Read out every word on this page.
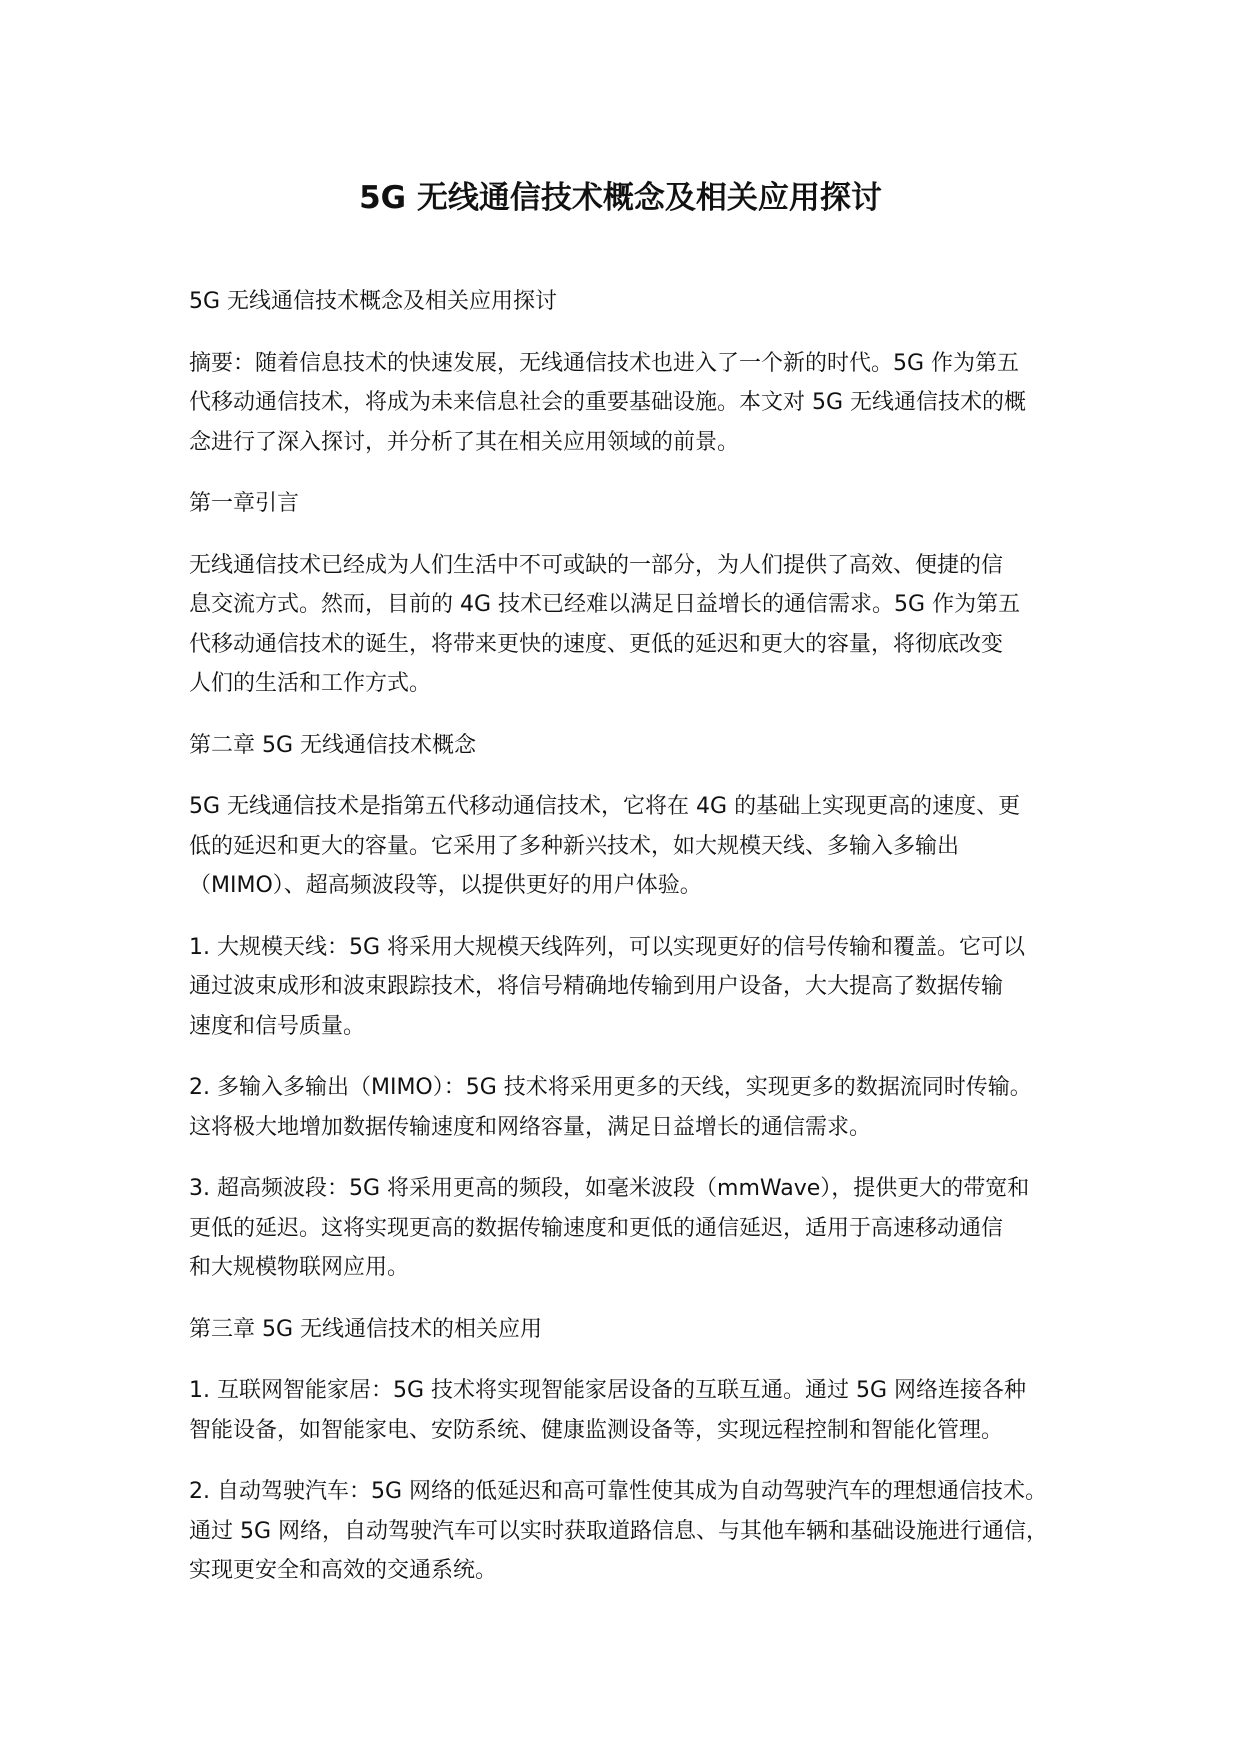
5G 无线通信技术概念及相关应用探讨

5G 无线通信技术概念及相关应用探讨

摘要：随着信息技术的快速发展，无线通信技术也进入了一个新的时代。5G 作为第五
代移动通信技术，将成为未来信息社会的重要基础设施。本文对 5G 无线通信技术的概
念进行了深入探讨，并分析了其在相关应用领域的前景。

第一章引言

无线通信技术已经成为人们生活中不可或缺的一部分，为人们提供了高效、便捷的信
息交流方式。然而，目前的 4G 技术已经难以满足日益增长的通信需求。5G 作为第五
代移动通信技术的诞生，将带来更快的速度、更低的延迟和更大的容量，将彻底改变
人们的生活和工作方式。

第二章 5G 无线通信技术概念

5G 无线通信技术是指第五代移动通信技术，它将在 4G 的基础上实现更高的速度、更
低的延迟和更大的容量。它采用了多种新兴技术，如大规模天线、多输入多输出
（MIMO）、超高频波段等，以提供更好的用户体验。

1. 大规模天线：5G 将采用大规模天线阵列，可以实现更好的信号传输和覆盖。它可以
通过波束成形和波束跟踪技术，将信号精确地传输到用户设备，大大提高了数据传输
速度和信号质量。

2. 多输入多输出（MIMO）：5G 技术将采用更多的天线，实现更多的数据流同时传输。
这将极大地增加数据传输速度和网络容量，满足日益增长的通信需求。

3. 超高频波段：5G 将采用更高的频段，如毫米波段（mmWave），提供更大的带宽和
更低的延迟。这将实现更高的数据传输速度和更低的通信延迟，适用于高速移动通信
和大规模物联网应用。

第三章 5G 无线通信技术的相关应用

1. 互联网智能家居：5G 技术将实现智能家居设备的互联互通。通过 5G 网络连接各种
智能设备，如智能家电、安防系统、健康监测设备等，实现远程控制和智能化管理。

2. 自动驾驶汽车：5G 网络的低延迟和高可靠性使其成为自动驾驶汽车的理想通信技术。
通过 5G 网络，自动驾驶汽车可以实时获取道路信息、与其他车辆和基础设施进行通信，
实现更安全和高效的交通系统。
